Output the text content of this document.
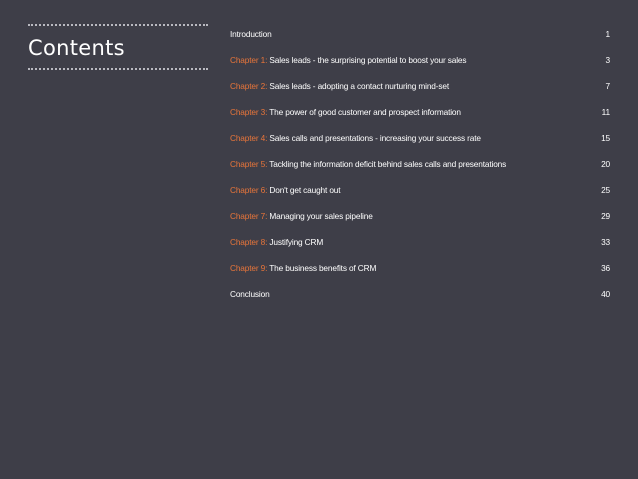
Contents
Introduction	1
Chapter 1: Sales leads - the surprising potential to boost your sales	3
Chapter 2: Sales leads - adopting a contact nurturing mind-set	7
Chapter 3: The power of good customer and prospect information	11
Chapter 4: Sales calls and presentations - increasing your success rate	15
Chapter 5: Tackling the information deficit behind sales calls and presentations	20
Chapter 6: Don't get caught out	25
Chapter 7: Managing your sales pipeline	29
Chapter 8: Justifying CRM	33
Chapter 9: The business benefits of CRM	36
Conclusion	40
